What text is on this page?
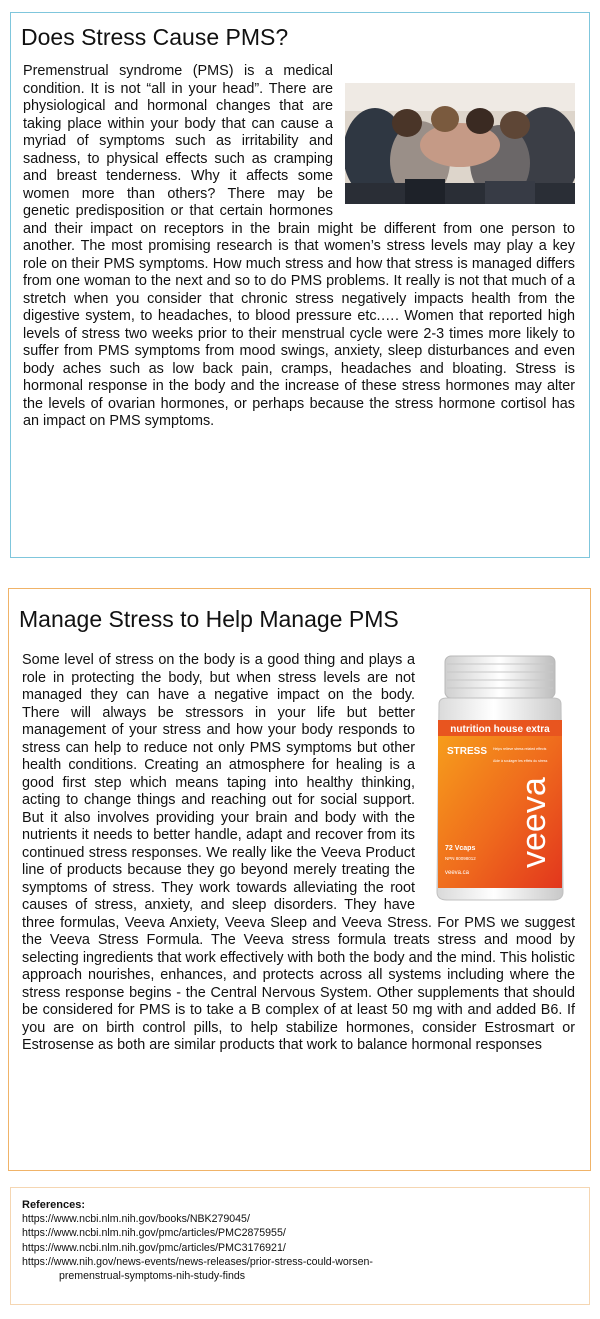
Does Stress Cause PMS?
Premenstrual syndrome (PMS) is a medical condition. It is not “all in your head”. There are physiological and hormonal changes that are taking place within your body that can cause a myriad of symptoms such as irritability and sadness, to physical effects such as cramping and breast tenderness. Why it affects some women more than others? There may be genetic predisposition or that certain hormones and their impact on receptors in the brain might be different from one person to another. The most promising research is that women’s stress levels may play a key role on their PMS symptoms. How much stress and how that stress is managed differs from one woman to the next and so to do PMS problems. It really is not that much of a stretch when you consider that chronic stress negatively impacts health from the digestive system, to headaches, to blood pressure etc.…. Women that reported high levels of stress two weeks prior to their menstrual cycle were 2-3 times more likely to suffer from PMS symptoms from mood swings, anxiety, sleep disturbances and even body aches such as low back pain, cramps, headaches and bloating. Stress is hormonal response in the body and the increase of these stress hormones may alter the levels of ovarian hormones, or perhaps because the stress hormone cortisol has an impact on PMS symptoms.
Manage Stress to Help Manage PMS
nutrition house extra
STRESS Helps relieve stress related effects
Aide à soulager les effets du stress
veeva
72 Vcaps
NPN 80098012
veeva.ca
Some level of stress on the body is a good thing and plays a role in protecting the body, but when stress levels are not managed they can have a negative impact on the body. There will always be stressors in your life but better management of your stress and how your body responds to stress can help to reduce not only PMS symptoms but other health conditions. Creating an atmosphere for healing is a good first step which means taping into healthy thinking, acting to change things and reaching out for social support. But it also involves providing your brain and body with the nutrients it needs to better handle, adapt and recover from its continued stress responses. We really like the Veeva Product line of products because they go beyond merely treating the symptoms of stress. They work towards alleviating the root causes of stress, anxiety, and sleep disorders. They have three formulas, Veeva Anxiety, Veeva Sleep and Veeva Stress. For PMS we suggest the Veeva Stress Formula. The Veeva stress formula treats stress and mood by selecting ingredients that work effectively with both the body and the mind. This holistic approach nourishes, enhances, and protects across all systems including where the stress response begins - the Central Nervous System. Other supplements that should be considered for PMS is to take a B complex of at least 50 mg with and added B6. If you are on birth control pills, to help stabilize hormones, consider Estrosmart or Estrosense as both are similar products that work to balance hormonal responses
References:
https://www.ncbi.nlm.nih.gov/books/NBK279045/
https://www.ncbi.nlm.nih.gov/pmc/articles/PMC2875955/
https://www.ncbi.nlm.nih.gov/pmc/articles/PMC3176921/
https://www.nih.gov/news-events/news-releases/prior-stress-could-worsen-
premenstrual-symptoms-nih-study-finds
